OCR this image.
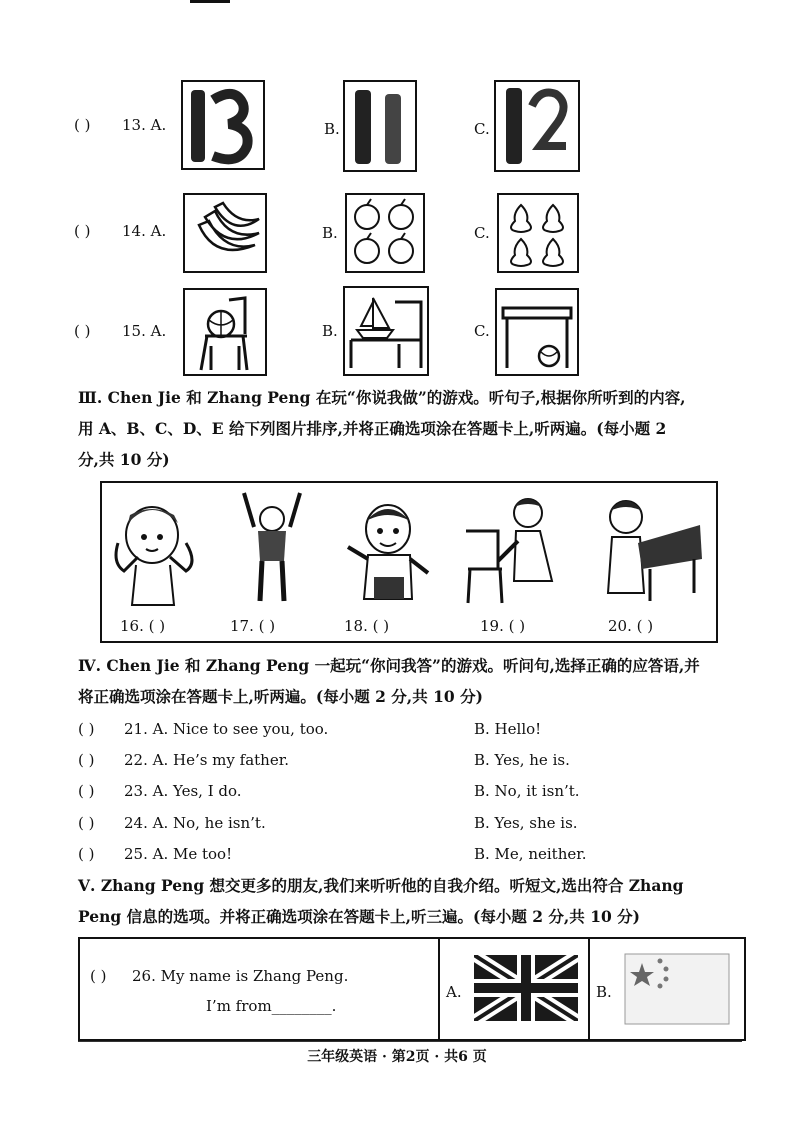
( ) 13. A.	B.	C.
( ) 14. A.	B.	C.
( ) 15. A.	B.	C.
Ⅲ. Chen Jie 和 Zhang Peng 在玩“你说我做”的游戏。听句子,根据你所听到的内容,
用 A、B、C、D、E 给下列图片排序,并将正确选项涂在答题卡上,听两遍。(每小题 2
分,共 10 分)
16. ( )	17. ( )	18. ( )	19. ( )	20. ( )
Ⅳ. Chen Jie 和 Zhang Peng 一起玩“你问我答”的游戏。听问句,选择正确的应答语,并
将正确选项涂在答题卡上,听两遍。(每小题 2 分,共 10 分)
( ) 21. A. Nice to see you, too.	B. Hello!
( ) 22. A. He’s my father.	B. Yes, he is.
( ) 23. A. Yes, I do.	B. No, it isn’t.
( ) 24. A. No, he isn’t.	B. Yes, she is.
( ) 25. A. Me too!	B. Me, neither.
Ⅴ. Zhang Peng 想交更多的朋友,我们来听听他的自我介绍。听短文,选出符合 Zhang
Peng 信息的选项。并将正确选项涂在答题卡上,听三遍。(每小题 2 分,共 10 分)
( ) 26. My name is Zhang Peng.
I’m from________.
A.	B.
三年级英语 · 第2页 · 共6 页
